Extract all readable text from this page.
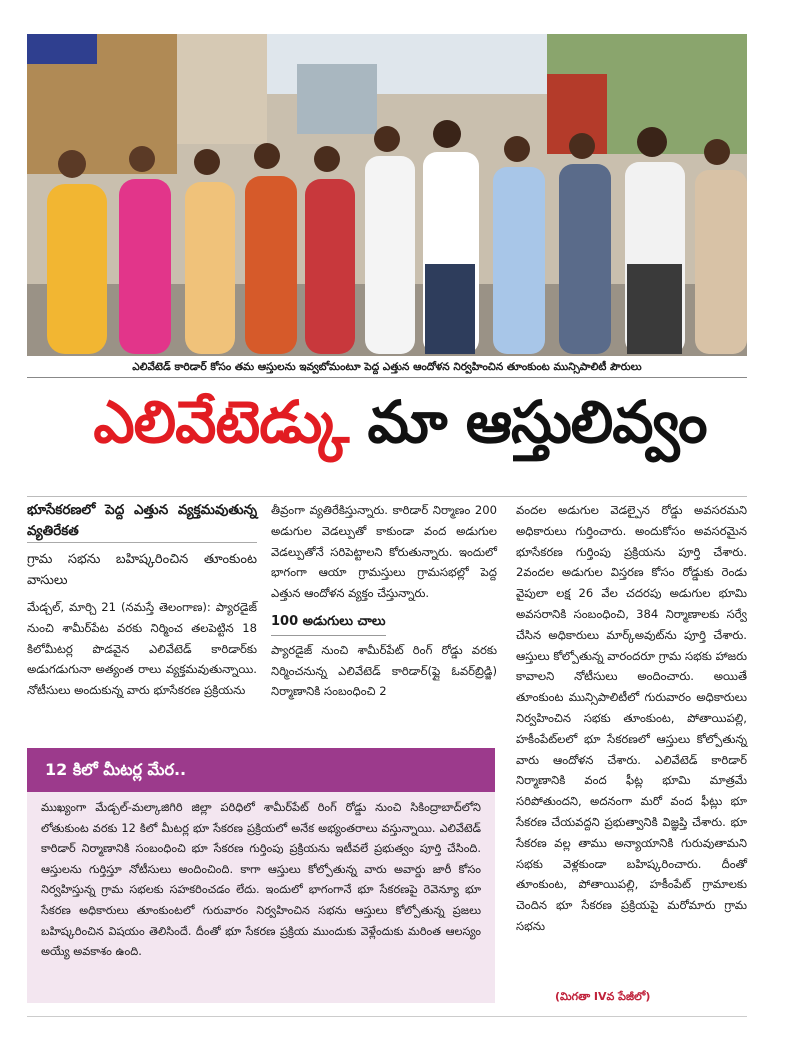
ఎలివేటెడ్ కారిడార్ కోసం తమ ఆస్తులను ఇవ్వబోమంటూ పెద్ద ఎత్తున ఆందోళన నిర్వహించిన తూంకుంట మున్సిపాలిటీ పౌరులు
ఎలివేటెడ్కు మా ఆస్తులివ్వం

భూసేకరణలో పెద్ద ఎత్తున వ్యక్తమవుతున్న వ్యతిరేకత

గ్రామ సభను బహిష్కరించిన తూంకుంట వాసులు

మేడ్చల్, మార్చి 21 (నమస్తే తెలంగాణ): ప్యారడైజ్ నుంచి శామీర్‌పేట వరకు నిర్మించ తలపెట్టిన 18 కిలోమీటర్ల పొడవైన ఎలివేటెడ్ కారిడార్‌కు అడుగడుగునా అత్యంత రాలు వ్యక్తమవుతున్నాయి. నోటీసులు అందుకున్న వారు భూసేకరణ ప్రక్రియను

తీవ్రంగా వ్యతిరేకిస్తున్నారు. కారిడార్ నిర్మాణం 200 అడుగుల వెడల్పుతో కాకుండా వంద అడుగుల వెడల్పుతోనే సరిపెట్టాలని కోరుతున్నారు. ఇందులో భాగంగా ఆయా గ్రామస్తులు గ్రామసభల్లో పెద్ద ఎత్తున ఆందోళన వ్యక్తం చేస్తున్నారు.

100 అడుగులు చాలు

ప్యారడైజ్ నుంచి శామీర్‌పేట్ రింగ్ రోడ్డు వరకు నిర్మించనున్న ఎలివేటెడ్ కారిడార్(ఫ్లై ఓవర్‌బ్రిడ్జి) నిర్మాణానికి సంబంధించి 2

వందల అడుగుల వెడల్పైన రోడ్డు అవసరమని అధికారులు గుర్తించారు. అందుకోసం అవసరమైన భూసేకరణ గుర్తింపు ప్రక్రియను పూర్తి చేశారు. 2వందల అడుగుల విస్తరణ కోసం రోడ్డుకు రెండు వైపులా లక్ష 26 వేల చదరపు అడుగుల భూమి అవసరానికి సంబంధించి, 384 నిర్మాణాలకు సర్వే చేసిన అధికారులు మార్క్‌అవుట్‌ను పూర్తి చేశారు. ఆస్తులు కోల్పోతున్న వారందరూ గ్రామ సభకు హాజరు కావాలని నోటీసులు అందించారు. అయితే తూంకుంట మున్సిపాలిటీలో గురువారం అధికారులు నిర్వహించిన సభకు తూంకుంట, పోతాయిపల్లి, హకీంపేట్‌లలో భూ సేకరణలో ఆస్తులు కోల్పోతున్న వారు ఆందోళన చేశారు. ఎలివేటెడ్ కారిడార్ నిర్మాణానికి వంద ఫీట్ల భూమి మాత్రమే సరిపోతుందని, అదనంగా మరో వంద ఫీట్లు భూ సేకరణ చేయవద్దని ప్రభుత్వానికి విజ్ఞప్తి చేశారు. భూ సేకరణ వల్ల తాము అన్యాయానికి గురువుతామని సభకు వెళ్లకుండా బహిష్కరించారు. దీంతో తూంకుంట, పోతాయిపల్లి, హకీంపేట్ గ్రామాలకు చెందిన భూ సేకరణ ప్రక్రియపై మరోమారు గ్రామ సభను

12 కిలో మీటర్ల మేర..
ముఖ్యంగా మేడ్చల్-మల్కాజిగిరి జిల్లా పరిధిలో శామీర్‌పేట్ రింగ్ రోడ్డు నుంచి సికింద్రాబాద్‌లోని లోతుకుంట వరకు 12 కిలో మీటర్ల భూ సేకరణ ప్రక్రియలో అనేక అభ్యంతరాలు వస్తున్నాయి. ఎలివేటెడ్ కారిడార్ నిర్మాణానికి సంబంధించి భూ సేకరణ గుర్తింపు ప్రక్రియను ఇటీవలే ప్రభుత్వం పూర్తి చేసింది. ఆస్తులను గుర్తిస్తూ నోటీసులు అందించింది. కాగా ఆస్తులు కోల్పోతున్న వారు అవార్డు జారీ కోసం నిర్వహిస్తున్న గ్రామ సభలకు సహకరించడం లేదు. ఇందులో భాగంగానే భూ సేకరణపై రెవెన్యూ భూ సేకరణ అధికారులు తూంకుంటలో గురువారం నిర్వహించిన సభను ఆస్తులు కోల్పోతున్న ప్రజలు బహిష్కరించిన విషయం తెలిసిందే. దీంతో భూ సేకరణ ప్రక్రియ ముందుకు వెళ్లేందుకు మరింత ఆలస్యం అయ్యే అవకాశం ఉంది.
(మిగతా IVవ పేజీలో)
